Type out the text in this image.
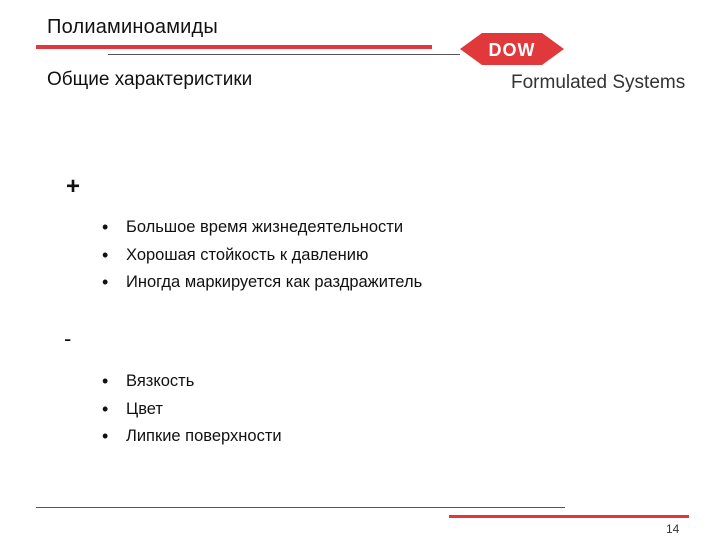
Полиаминоамиды
Общие характеристики
DOW
®
Formulated Systems
+
• Большое время жизнедеятельности
• Хорошая стойкость к давлению
• Иногда маркируется как раздражитель
-
• Вязкость
• Цвет
• Липкие поверхности
14
